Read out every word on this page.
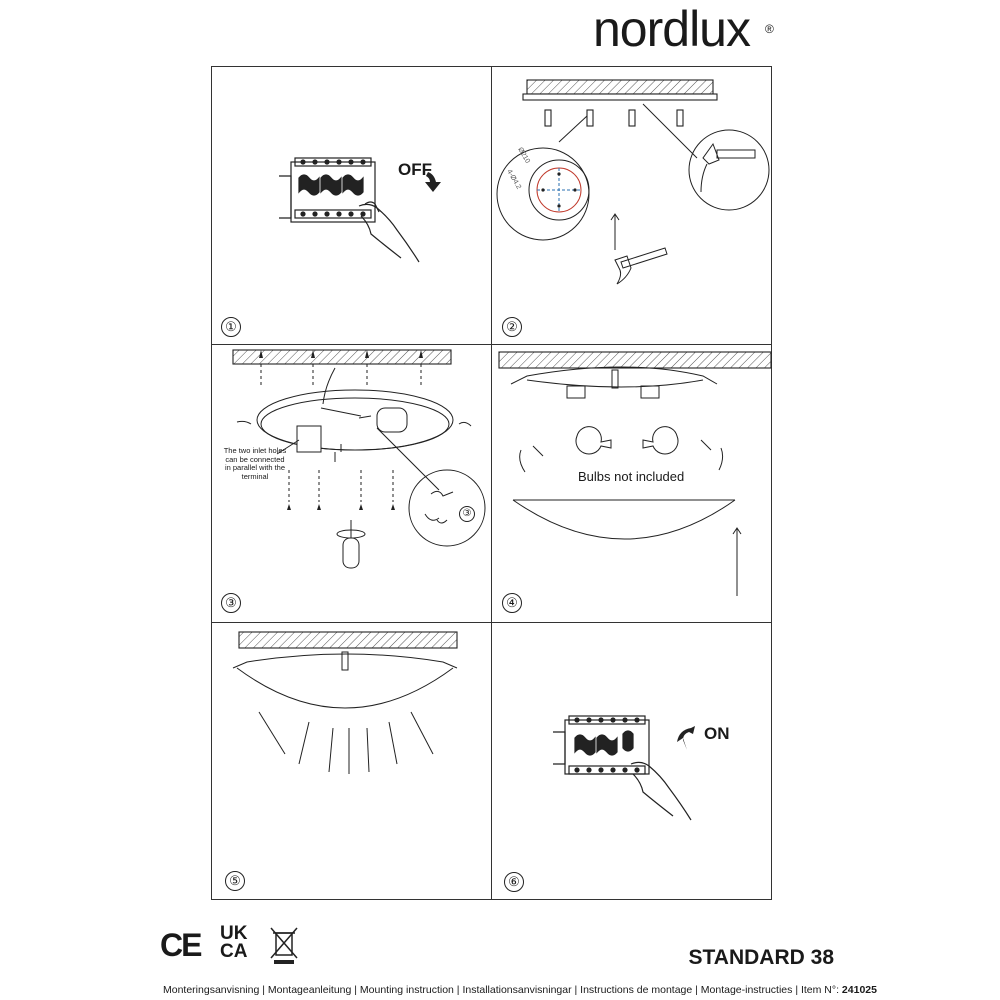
nordlux ®
OFF
①
Ø210
4-Ø4.2
②
The two inlet holes can be connected in parallel with the terminal
③
③
Bulbs not included
④
⑤
ON
⑥
CE UK
CA	STANDARD 38
Monteringsanvisning | Montageanleitung | Mounting instruction | Installationsanvisningar | Instructions de montage | Montage-instructies | Item N°: 241025
